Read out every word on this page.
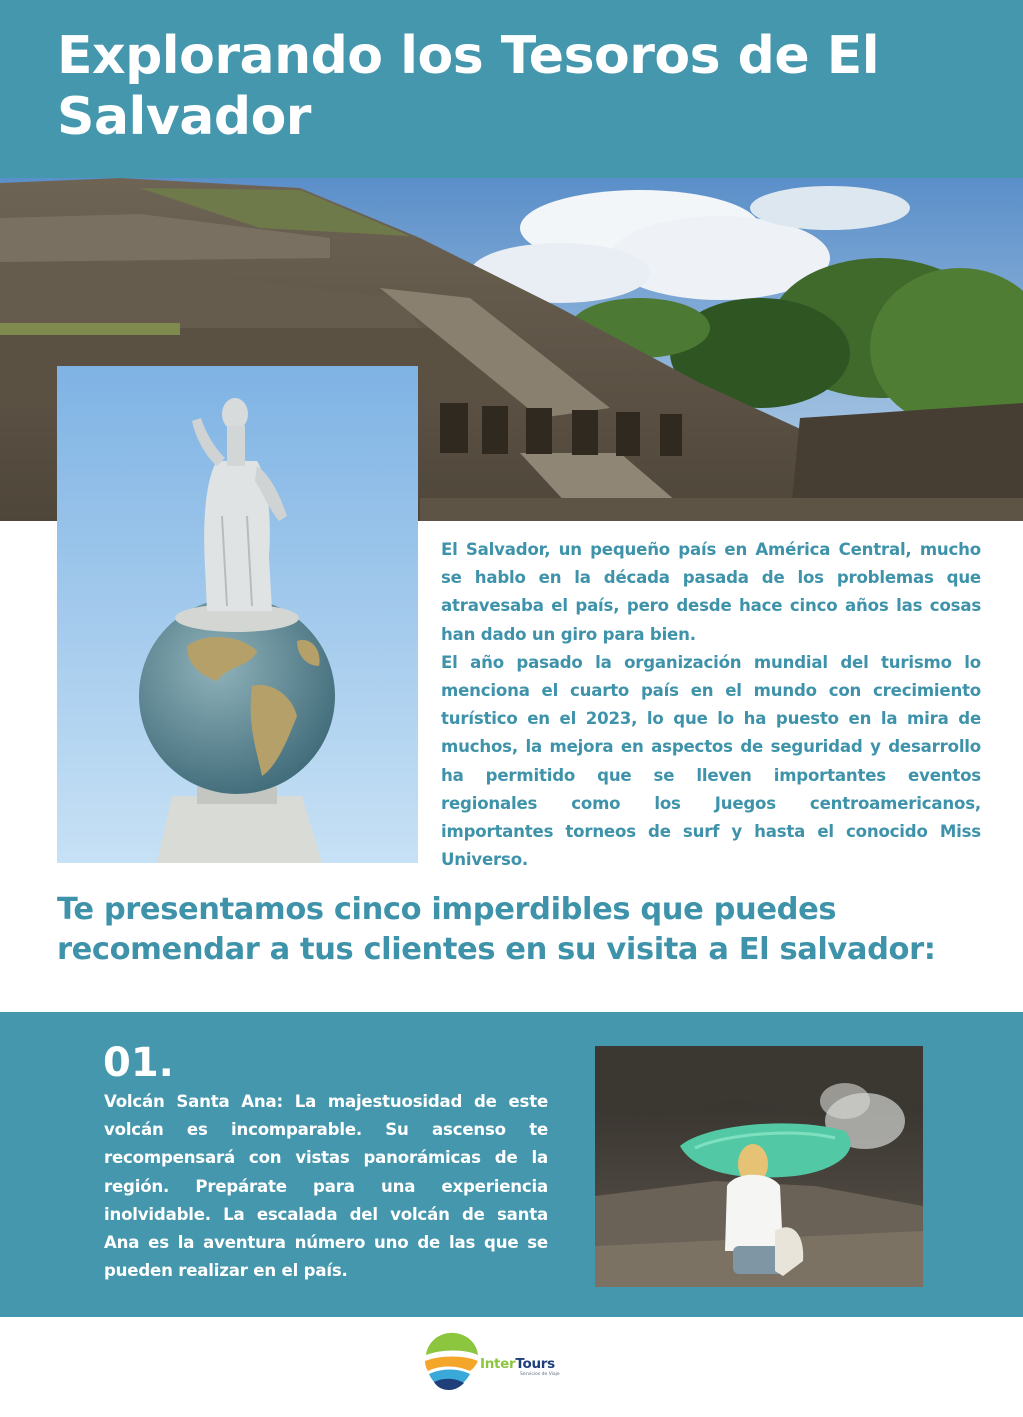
Explorando los Tesoros de El Salvador

El Salvador, un pequeño país en América Central, mucho se hablo en la década pasada de los problemas que atravesaba el país, pero desde hace cinco años las cosas han dado un giro para bien.

El año pasado la organización mundial del turismo lo menciona el cuarto país en el mundo con crecimiento turístico en el 2023, lo que lo ha puesto en la mira de muchos, la mejora en aspectos de seguridad y desarrollo ha permitido que se lleven importantes eventos regionales como los Juegos centroamericanos, importantes torneos de surf y hasta el conocido Miss Universo.

Te presentamos cinco imperdibles que puedes recomendar a tus clientes en su visita a El salvador:

01.

Volcán Santa Ana: La majestuosidad de este volcán es incomparable. Su ascenso te recompensará con vistas panorámicas de la región. Prepárate para una experiencia inolvidable. La escalada del volcán de santa Ana es la aventura número uno de las que se pueden realizar en el país.

InterTours

Servicios de Viaje
